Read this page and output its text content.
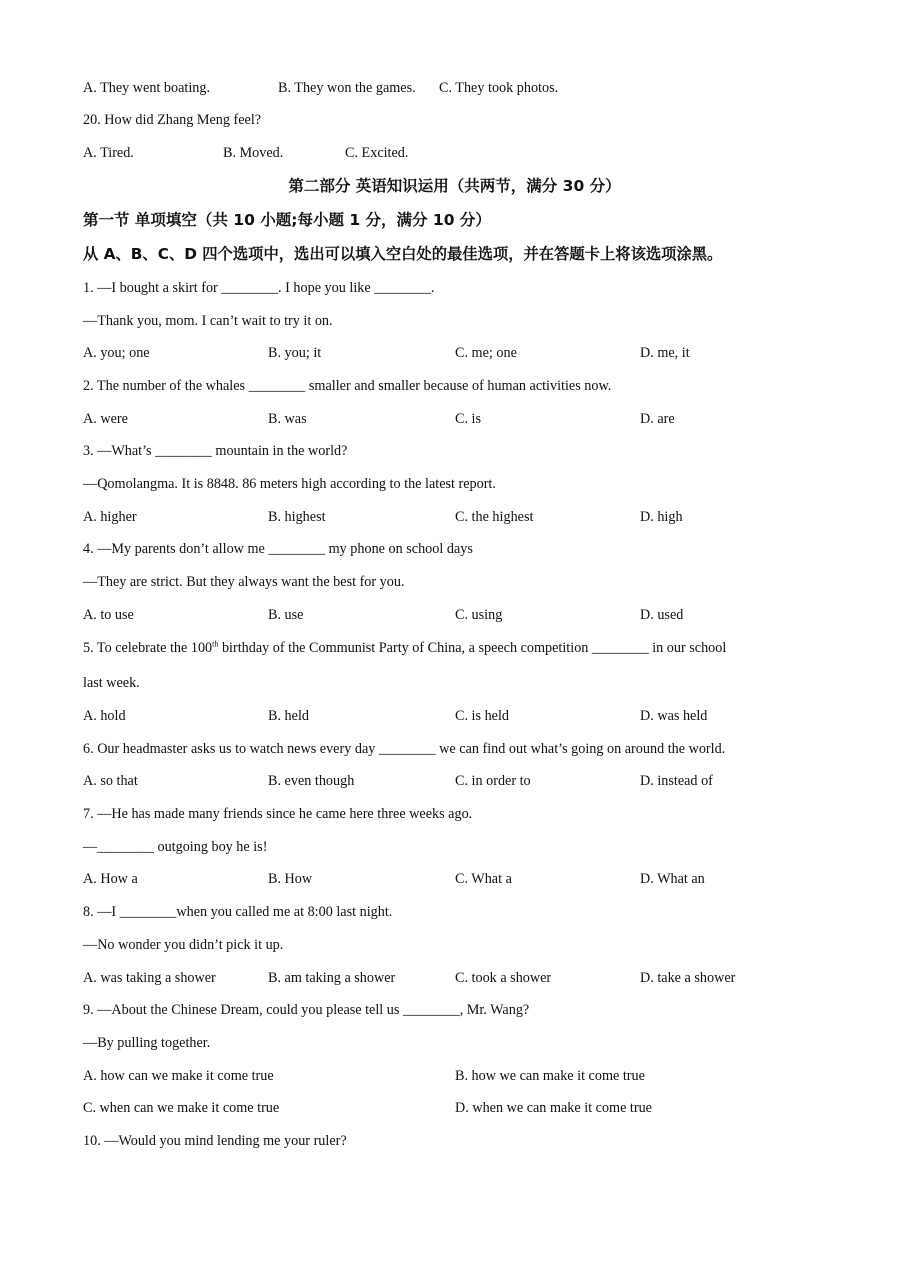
A. They went boating.	B. They won the games. C. They took photos.
20. How did Zhang Meng feel?
A. Tired.	B. Moved.	C. Excited.
第二部分 英语知识运用（共两节，满分 30 分）
第一节 单项填空（共 10 小题;每小题 1 分，满分 10 分）
从 A、B、C、D 四个选项中，选出可以填入空白处的最佳选项，并在答题卡上将该选项涂黑。
1. —I bought a skirt for ________. I hope you like ________.
—Thank you, mom. I can’t wait to try it on.
A. you; one	B. you; it	C. me; one	D. me, it
2. The number of the whales ________ smaller and smaller because of human activities now.
A. were	B. was	C. is	D. are
3. —What’s ________ mountain in the world?
—Qomolangma. It is 8848. 86 meters high according to the latest report.
A. higher	B. highest	C. the highest	D. high
4. —My parents don’t allow me ________ my phone on school days
—They are strict. But they always want the best for you.
A. to use	B. use	C. using	D. used
5. To celebrate the 100th birthday of the Communist Party of China, a speech competition ________ in our school
last week.
A. hold	B. held	C. is held	D. was held
6. Our headmaster asks us to watch news every day ________ we can find out what’s going on around the world.
A. so that	B. even though	C. in order to	D. instead of
7. —He has made many friends since he came here three weeks ago.
—________ outgoing boy he is!
A. How a	B. How	C. What a	D. What an
8. —I ________when you called me at 8:00 last night.
—No wonder you didn’t pick it up.
A. was taking a shower	B. am taking a shower	C. took a shower	D. take a shower
9. —About the Chinese Dream, could you please tell us ________, Mr. Wang?
—By pulling together.
A. how can we make it come true	B. how we can make it come true
C. when can we make it come true	D. when we can make it come true
10. —Would you mind lending me your ruler?
